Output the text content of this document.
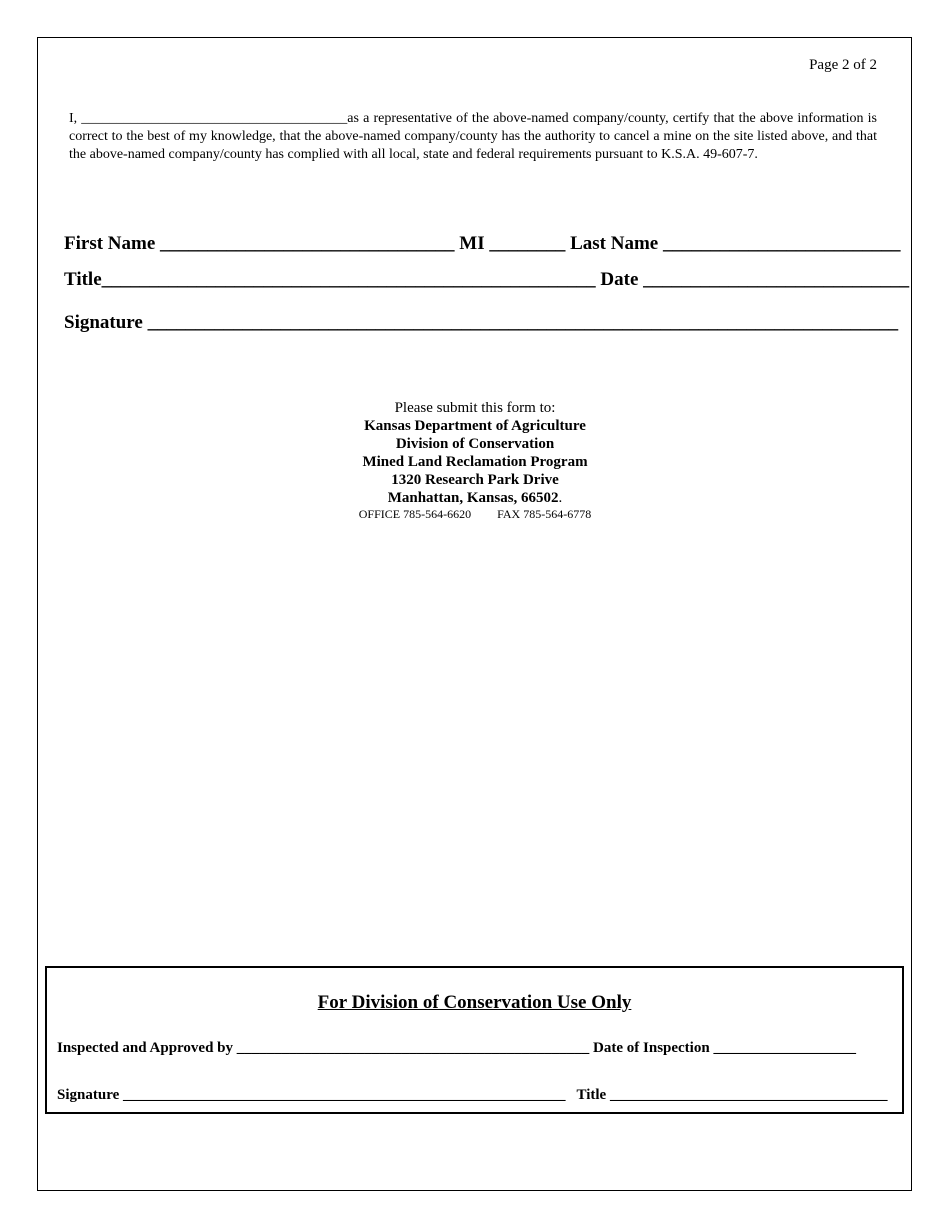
Page 2 of 2

I, ______________________________________as a representative of the above-named company/county, certify that the above information is correct to the best of my knowledge, that the above-named company/county has the authority to cancel a mine on the site listed above, and that the above-named company/county has complied with all local, state and federal requirements pursuant to K.S.A. 49-607-7.

First Name _______________________________ MI ________ Last Name _________________________

Title____________________________________________________ Date ____________________________

Signature _______________________________________________________________________________

Please submit this form to:
Kansas Department of Agriculture
Division of Conservation
Mined Land Reclamation Program
1320 Research Park Drive
Manhattan, Kansas, 66502.
OFFICE 785-564-6620 FAX 785-564-6778
For Division of Conservation Use Only
Inspected and Approved by _______________________________________________ Date of Inspection ___________________
Signature ___________________________________________________________ Title _____________________________________
